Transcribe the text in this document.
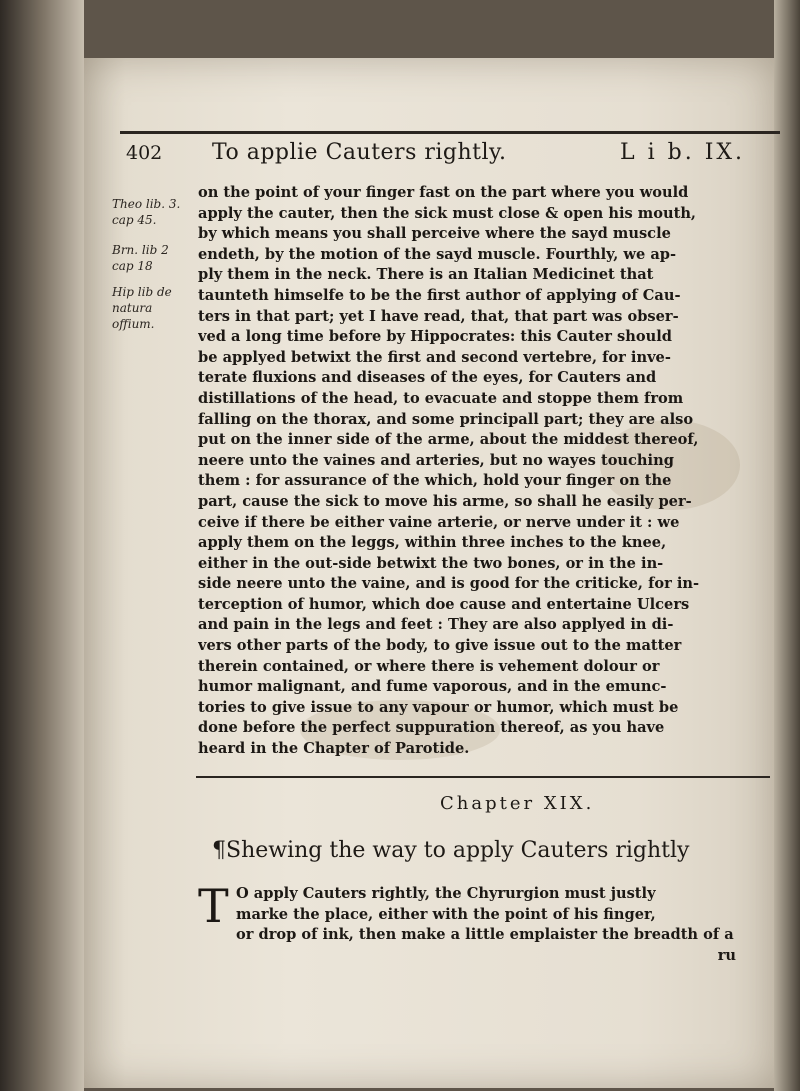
402 To applie Cauters rightly.	L i b. IX.
Theo lib. 3.
cap 45.
Brn. lib 2
cap 18
Hip lib de
natura offium.
on the point of your finger fast on the part where you would
apply the cauter, then the sick must close & open his mouth,
by which means you shall perceive where the sayd muscle
endeth, by the motion of the sayd muscle. Fourthly, we ap-
ply them in the neck. There is an Italian Medicinet that
taunteth himselfe to be the first author of applying of Cau-
ters in that part; yet I have read, that, that part was obser-
ved a long time before by Hippocrates: this Cauter should
be applyed betwixt the first and second vertebre, for inve-
terate fluxions and diseases of the eyes, for Cauters and
distillations of the head, to evacuate and stoppe them from
falling on the thorax, and some principall part; they are also
put on the inner side of the arme, about the middest thereof,
neere unto the vaines and arteries, but no wayes touching
them : for assurance of the which, hold your finger on the
part, cause the sick to move his arme, so shall he easily per-
ceive if there be either vaine arterie, or nerve under it : we
apply them on the leggs, within three inches to the knee,
either in the out-side betwixt the two bones, or in the in-
side neere unto the vaine, and is good for the criticke, for in-
terception of humor, which doe cause and entertaine Ulcers
and pain in the legs and feet : They are also applyed in di-
vers other parts of the body, to give issue out to the matter
therein contained, or where there is vehement dolour or
humor malignant, and fume vaporous, and in the emunc-
tories to give issue to any vapour or humor, which must be
done before the perfect suppuration thereof, as you have
heard in the Chapter of Parotide.
Chapter XIX.
¶Shewing the way to apply Cauters rightly
T O apply Cauters rightly, the Chyrurgion must justly
marke the place, either with the point of his finger,
or drop of ink, then make a little emplaister the breadth of a
ru
